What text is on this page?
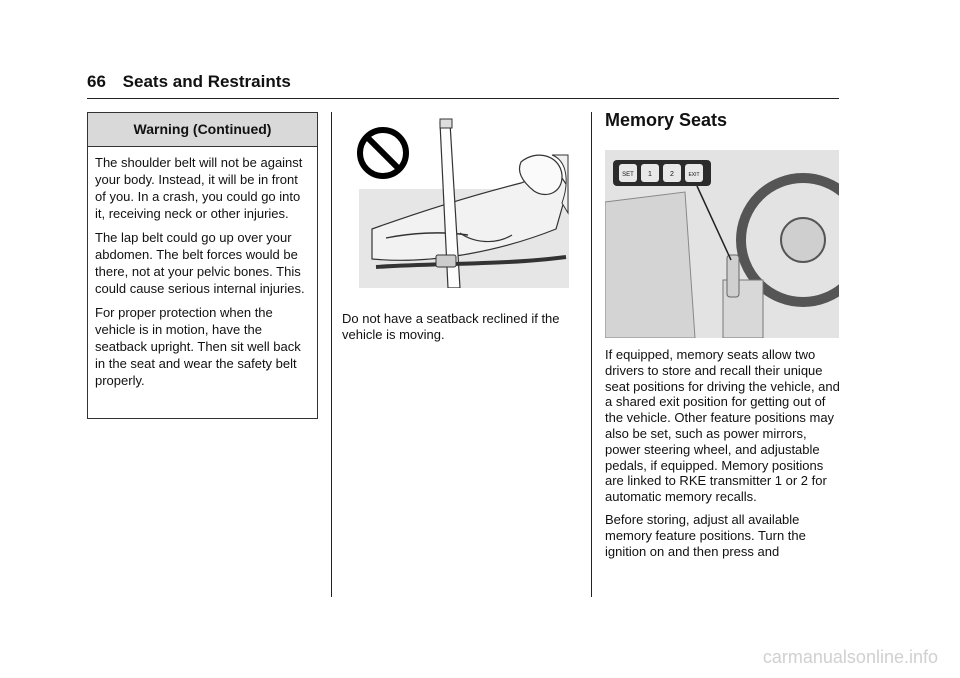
66 Seats and Restraints
Warning (Continued)

The shoulder belt will not be against your body. Instead, it will be in front of you. In a crash, you could go into it, receiving neck or other injuries.

The lap belt could go up over your abdomen. The belt forces would be there, not at your pelvic bones. This could cause serious internal injuries.

For proper protection when the vehicle is in motion, have the seatback upright. Then sit well back in the seat and wear the safety belt properly.

Do not have a seatback reclined if the vehicle is moving.

Memory Seats
SET 1	2	EXIT

If equipped, memory seats allow two drivers to store and recall their unique seat positions for driving the vehicle, and a shared exit position for getting out of the vehicle. Other feature positions may also be set, such as power mirrors, power steering wheel, and adjustable pedals, if equipped. Memory positions are linked to RKE transmitter 1 or 2 for automatic memory recalls.

Before storing, adjust all available memory feature positions. Turn the ignition on and then press and

carmanualsonline.info
